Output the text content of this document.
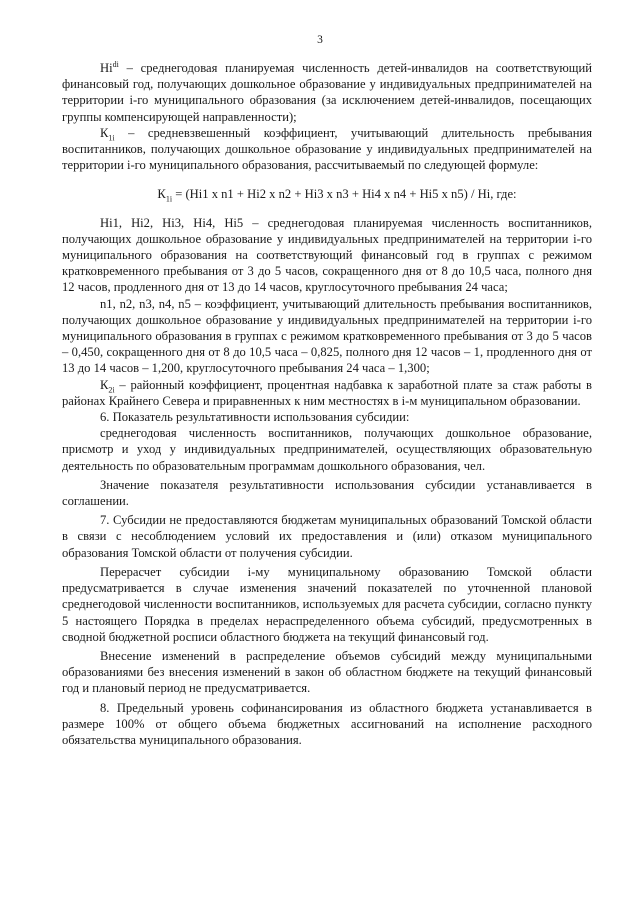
3

$Нi^{di}$ – среднегодовая планируемая численность детей-инвалидов на соответствующий финансовый год, получающих дошкольное образование у индивидуальных предпринимателей на территории i-го муниципального образования (за исключением детей-инвалидов, посещающих группы компенсирующей направленности);

$К_{1i}$ – средневзвешенный коэффициент, учитывающий длительность пребывания воспитанников, получающих дошкольное образование у индивидуальных предпринимателей на территории i-го муниципального образования, рассчитываемый по следующей формуле:

$К_{1i} = (Нi1$ х n1 + Нi2 х n2 + Нi3 х n3 + Нi4 х n4 + Нi5 х n5) / Нi, где:

Нi1, Нi2, Нi3, Нi4, Нi5 – среднегодовая планируемая численность воспитанников, получающих дошкольное образование у индивидуальных предпринимателей на территории i-го муниципального образования на соответствующий финансовый год в группах с режимом кратковременного пребывания от 3 до 5 часов, сокращенного дня от 8 до 10,5 часа, полного дня 12 часов, продленного дня от 13 до 14 часов, круглосуточного пребывания 24 часа;

n1, n2, n3, n4, n5 – коэффициент, учитывающий длительность пребывания воспитанников, получающих дошкольное образование у индивидуальных предпринимателей на территории i-го муниципального образования в группах с режимом кратковременного пребывания от 3 до 5 часов – 0,450, сокращенного дня от 8 до 10,5 часа – 0,825, полного дня 12 часов – 1, продленного дня от 13 до 14 часов – 1,200, круглосуточного пребывания 24 часа – 1,300;

$К_{2i}$ – районный коэффициент, процентная надбавка к заработной плате за стаж работы в районах Крайнего Севера и приравненных к ним местностях в i-м муниципальном образовании.

6. Показатель результативности использования субсидии:

среднегодовая численность воспитанников, получающих дошкольное образование, присмотр и уход у индивидуальных предпринимателей, осуществляющих образовательную деятельность по образовательным программам дошкольного образования, чел.

Значение показателя результативности использования субсидии устанавливается в соглашении.

7. Субсидии не предоставляются бюджетам муниципальных образований Томской области в связи с несоблюдением условий их предоставления и (или) отказом муниципального образования Томской области от получения субсидии.

Перерасчет субсидии i-му муниципальному образованию Томской области предусматривается в случае изменения значений показателей по уточненной плановой среднегодовой численности воспитанников, используемых для расчета субсидии, согласно пункту 5 настоящего Порядка в пределах нераспределенного объема субсидий, предусмотренных в сводной бюджетной росписи областного бюджета на текущий финансовый год.

Внесение изменений в распределение объемов субсидий между муниципальными образованиями без внесения изменений в закон об областном бюджете на текущий финансовый год и плановый период не предусматривается.

8. Предельный уровень софинансирования из областного бюджета устанавливается в размере 100% от общего объема бюджетных ассигнований на исполнение расходного обязательства муниципального образования.
